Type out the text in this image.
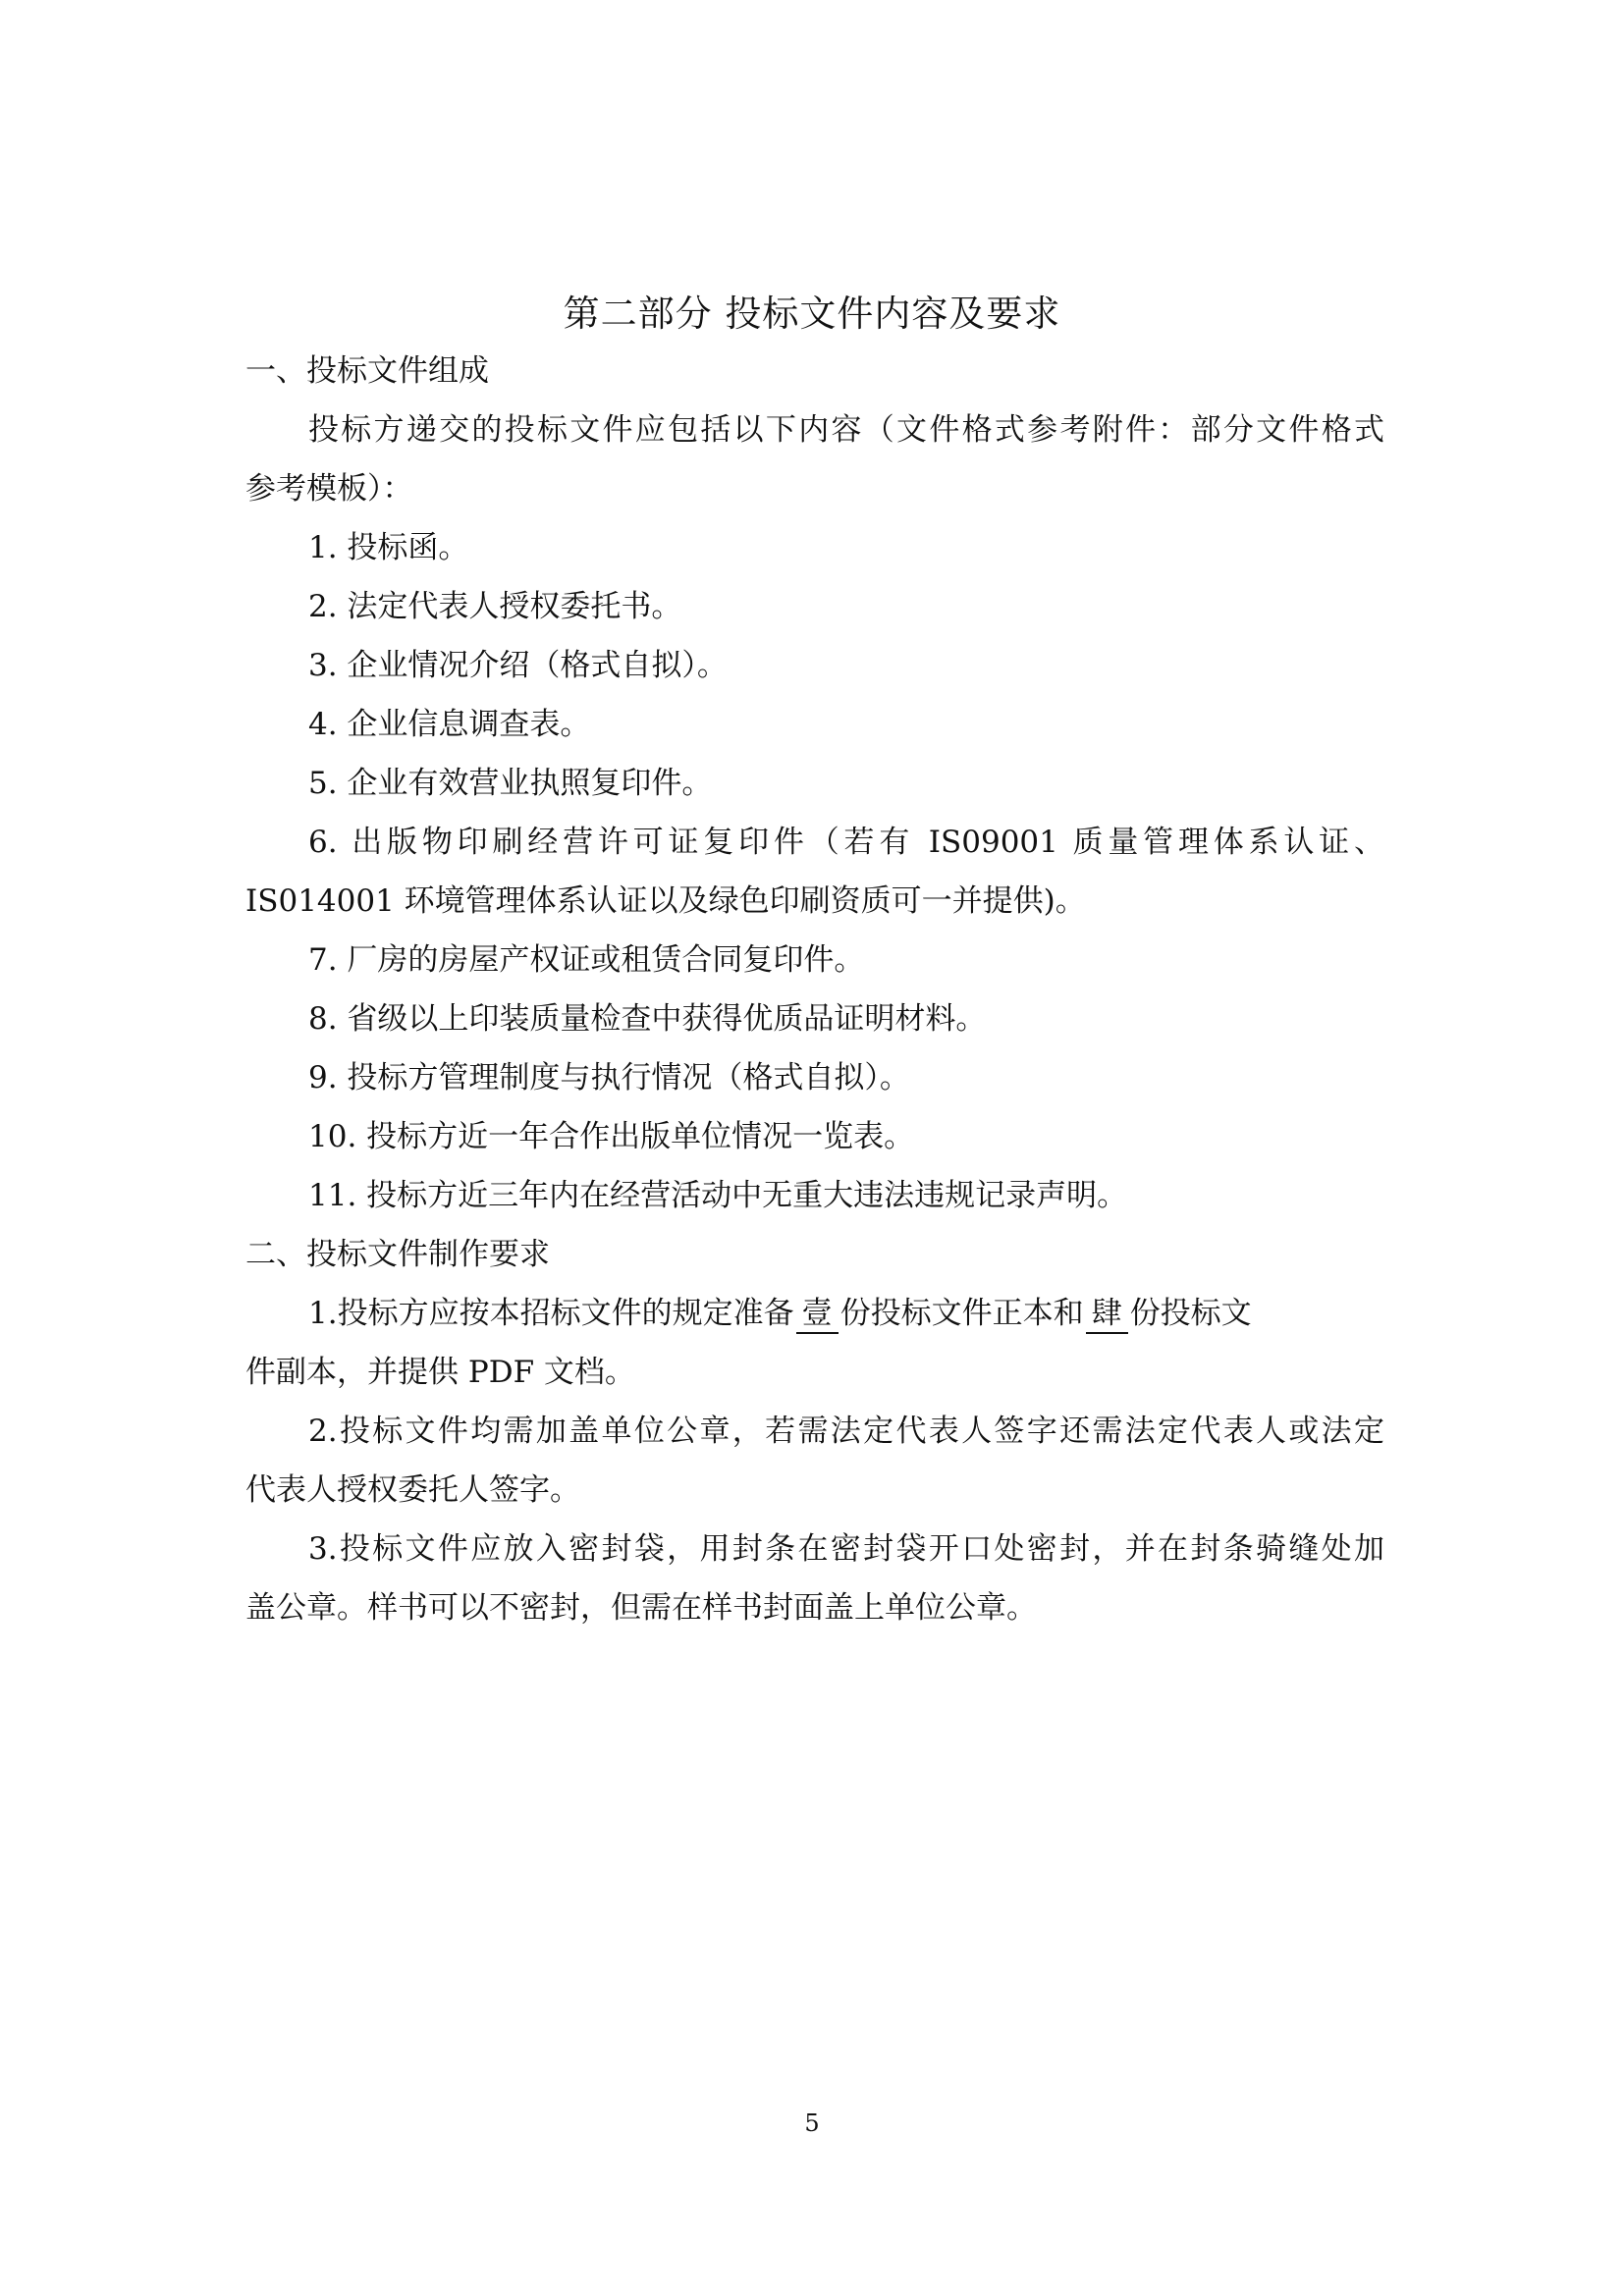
第二部分 投标文件内容及要求
一、投标文件组成
投标方递交的投标文件应包括以下内容（文件格式参考附件：部分文件格式
参考模板）：
1. 投标函。
2. 法定代表人授权委托书。
3. 企业情况介绍（格式自拟）。
4. 企业信息调查表。
5. 企业有效营业执照复印件。
6. 出版物印刷经营许可证复印件（若有 IS09001 质量管理体系认证、
IS014001 环境管理体系认证以及绿色印刷资质可一并提供)。
7. 厂房的房屋产权证或租赁合同复印件。
8. 省级以上印装质量检查中获得优质品证明材料。
9. 投标方管理制度与执行情况（格式自拟）。
10. 投标方近一年合作出版单位情况一览表。
11. 投标方近三年内在经营活动中无重大违法违规记录声明。
二、投标文件制作要求
1.投标方应按本招标文件的规定准备 壹 份投标文件正本和 肆 份投标文
件副本，并提供 PDF 文档。
2.投标文件均需加盖单位公章，若需法定代表人签字还需法定代表人或法定
代表人授权委托人签字。
3.投标文件应放入密封袋，用封条在密封袋开口处密封，并在封条骑缝处加
盖公章。样书可以不密封，但需在样书封面盖上单位公章。
5
